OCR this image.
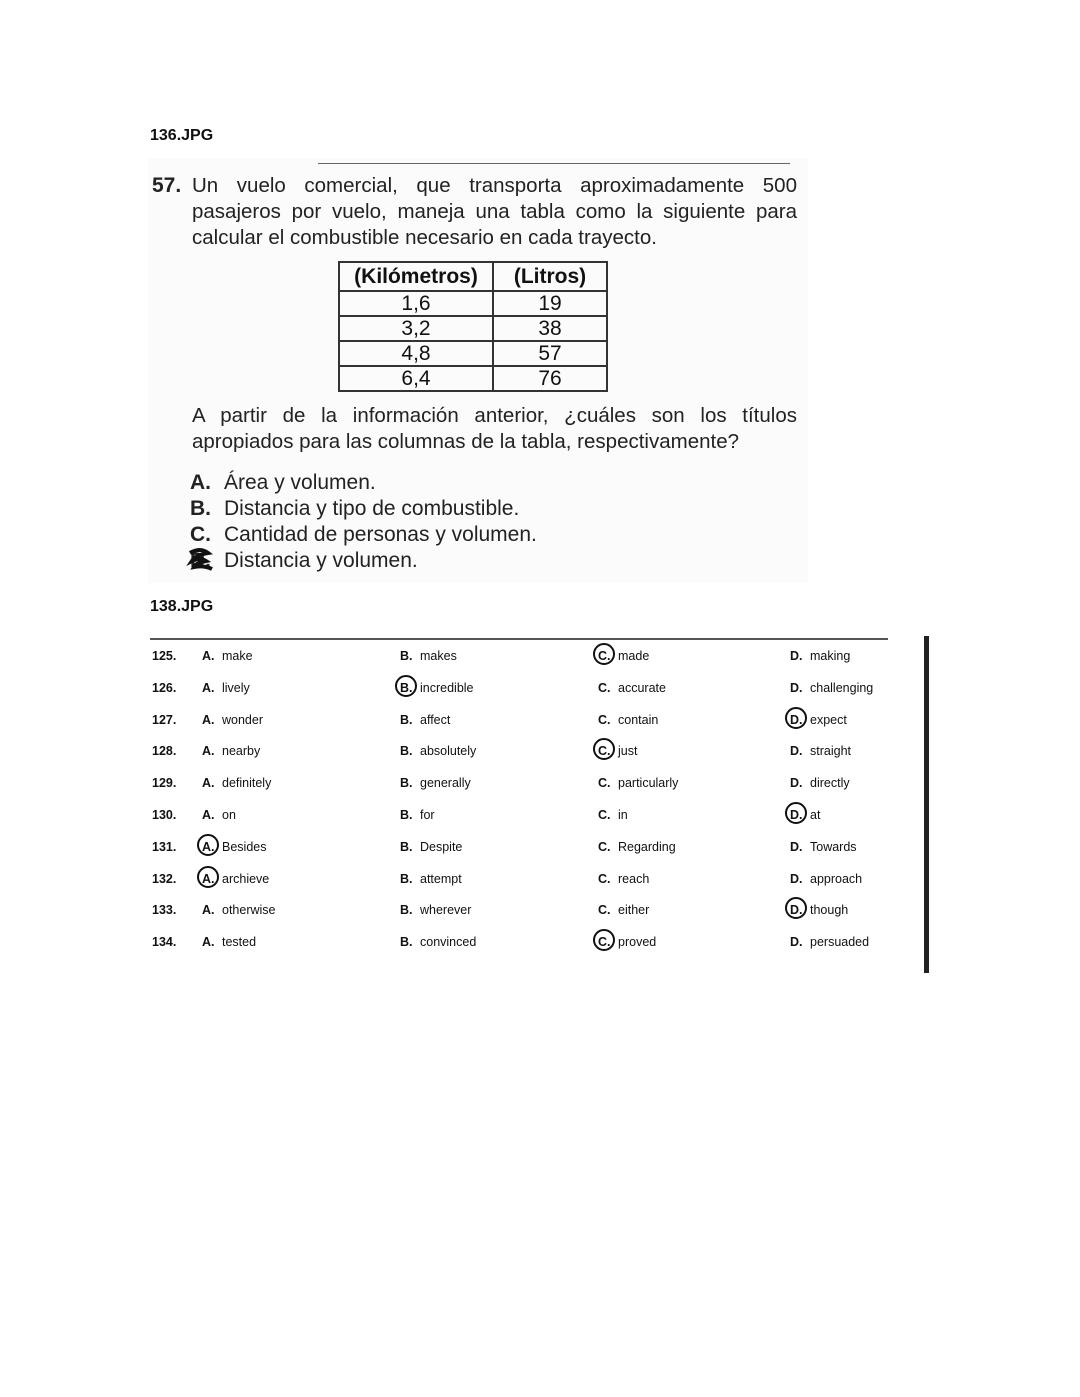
136.JPG
57. Un vuelo comercial, que transporta aproximadamente 500 pasajeros por vuelo, maneja una tabla como la siguiente para calcular el combustible necesario en cada trayecto.
(Kilómetros)	(Litros)
1,6	19
3,2	38
4,8	57
6,4	76
A partir de la información anterior, ¿cuáles son los títulos apropiados para las columnas de la tabla, respectivamente?
A. Área y volumen.
B. Distancia y tipo de combustible.
C. Cantidad de personas y volumen.
D. Distancia y volumen.
138.JPG
125. A. make	B. makes	C. made	D. making
126. A. lively	B. incredible	C. accurate	D. challenging
127. A. wonder	B. affect	C. contain	D. expect
128. A. nearby	B. absolutely	C. just	D. straight
129. A. definitely	B. generally	C. particularly	D. directly
130. A. on	B. for	C. in	D. at
131. A. Besides	B. Despite	C. Regarding	D. Towards
132. A. archieve	B. attempt	C. reach	D. approach
133. A. otherwise	B. wherever	C. either	D. though
134. A. tested	B. convinced	C. proved	D. persuaded
